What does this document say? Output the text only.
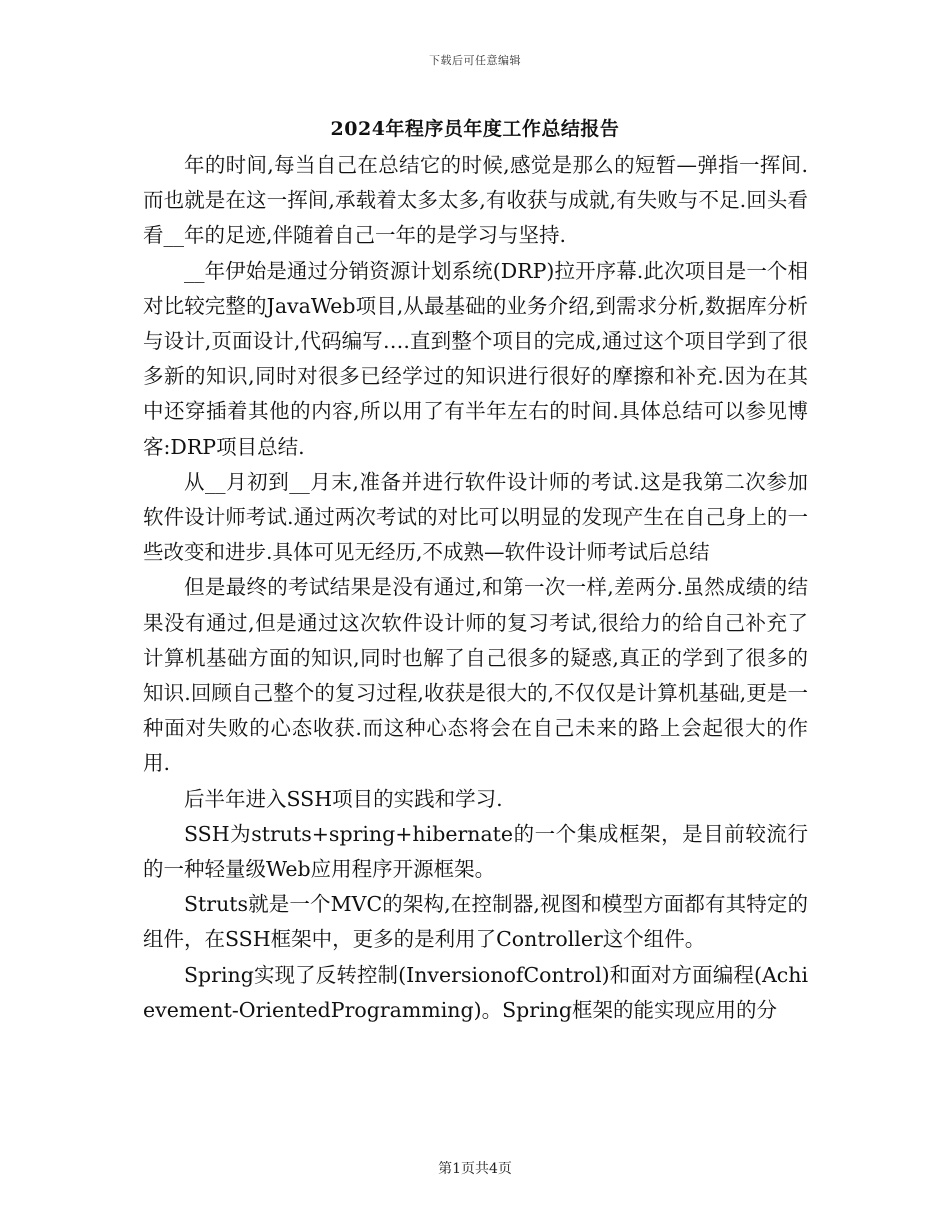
下载后可任意编辑
2024年程序员年度工作总结报告

年的时间,每当自己在总结它的时候,感觉是那么的短暂—弹指一挥间.而也就是在这一挥间,承载着太多太多,有收获与成就,有失败与不足.回头看看__年的足迹,伴随着自己一年的是学习与坚持.

__年伊始是通过分销资源计划系统(DRP)拉开序幕.此次项目是一个相对比较完整的JavaWeb项目,从最基础的业务介绍,到需求分析,数据库分析与设计,页面设计,代码编写….直到整个项目的完成,通过这个项目学到了很多新的知识,同时对很多已经学过的知识进行很好的摩擦和补充.因为在其中还穿插着其他的内容,所以用了有半年左右的时间.具体总结可以参见博客:DRP项目总结.

从__月初到__月末,准备并进行软件设计师的考试.这是我第二次参加软件设计师考试.通过两次考试的对比可以明显的发现产生在自己身上的一些改变和进步.具体可见无经历,不成熟—软件设计师考试后总结

但是最终的考试结果是没有通过,和第一次一样,差两分.虽然成绩的结果没有通过,但是通过这次软件设计师的复习考试,很给力的给自己补充了计算机基础方面的知识,同时也解了自己很多的疑惑,真正的学到了很多的知识.回顾自己整个的复习过程,收获是很大的,不仅仅是计算机基础,更是一种面对失败的心态收获.而这种心态将会在自己未来的路上会起很大的作用.

后半年进入SSH项目的实践和学习.

SSH为struts+spring+hibernate的一个集成框架，是目前较流行的一种轻量级Web应用程序开源框架。

Struts就是一个MVC的架构,在控制器,视图和模型方面都有其特定的组件，在SSH框架中，更多的是利用了Controller这个组件。

Spring实现了反转控制(InversionofControl)和面对方面编程(Achievement-OrientedProgramming)。Spring框架的能实现应用的分

第1页共4页
